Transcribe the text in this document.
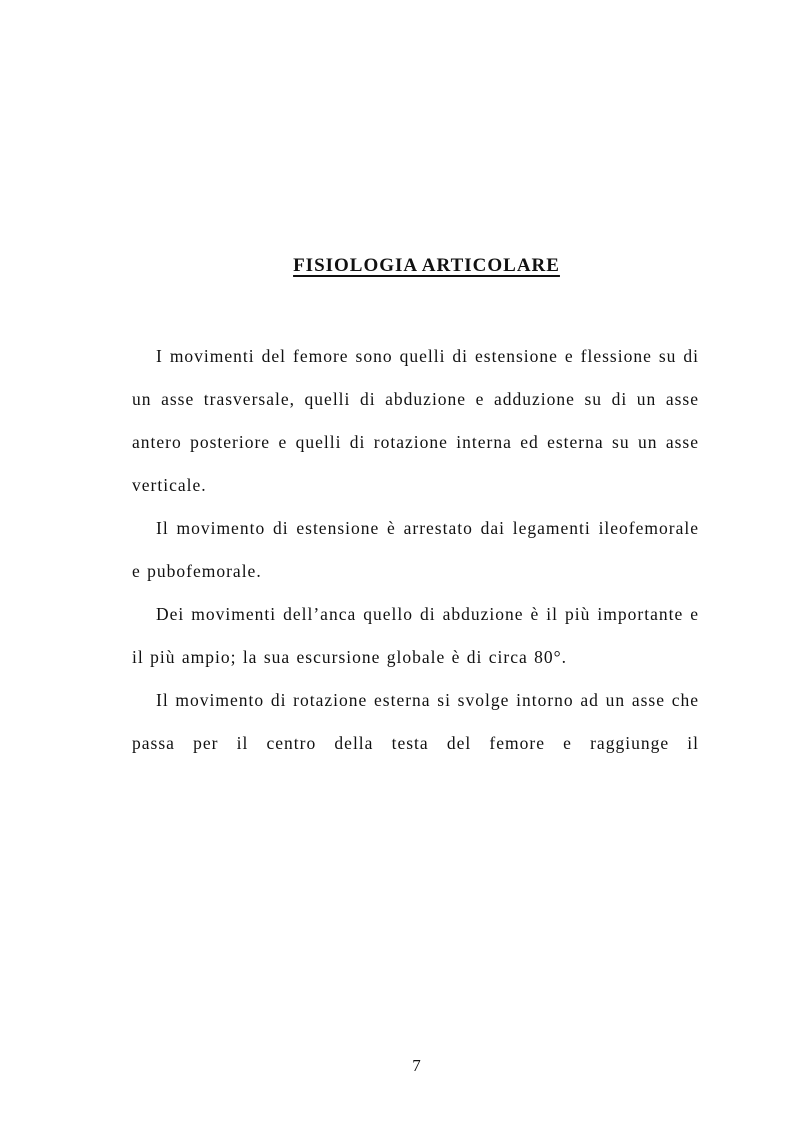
FISIOLOGIA ARTICOLARE

I movimenti del femore sono quelli di estensione e flessione su di un asse trasversale, quelli di abduzione e adduzione su di un asse antero posteriore e quelli di rotazione interna ed esterna su un asse verticale.

Il movimento di estensione è arrestato dai legamenti ileofemorale e pubofemorale.

Dei movimenti dell’anca quello di abduzione è il più importante e il più ampio; la sua escursione globale è di circa 80°.

Il movimento di rotazione esterna si svolge intorno ad un asse che passa per il centro della testa del femore e raggiunge il

7
